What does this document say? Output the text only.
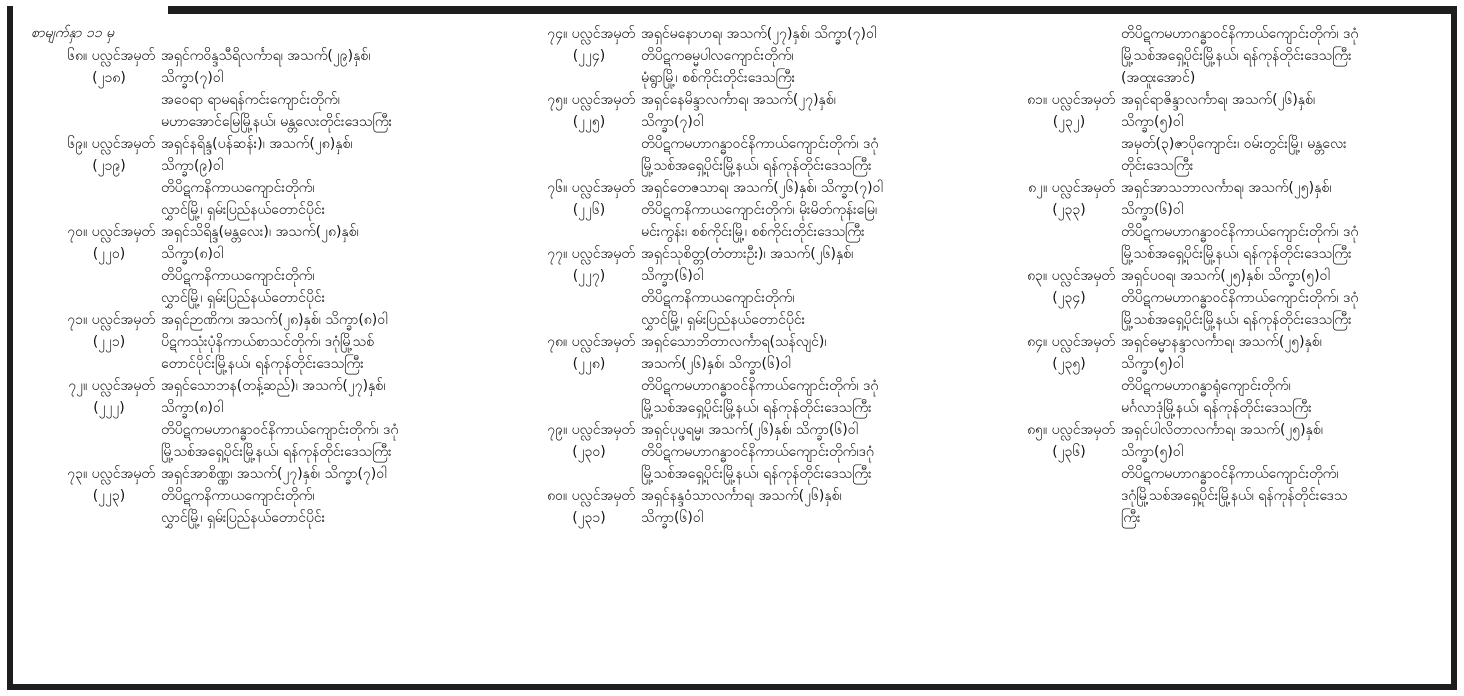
စာမျက်နှာ ၁၁ မှ
၆၈။ ပလ္လင်အမှတ်
(၂၁၈)
အရှင်ကဝိန္ဒသီရိလင်္ကာရ၊ အသက်(၂၉)နှစ်၊
သိက္ခာ(၇)ဝါ
အဝေရာ ရာမရန်ကင်းကျောင်းတိုက်၊
မဟာအောင်မြေမြို့နယ်၊ မန္တလေးတိုင်းဒေသကြီး
၆၉။ ပလ္လင်အမှတ်
(၂၁၉)
အရှင်နရိန္ဒ(ပန်ဆန်း)၊ အသက်(၂၈)နှစ်၊
သိက္ခာ(၉)ဝါ
တိပိဋကနိကာယကျောင်းတိုက်၊
လွှာင်မြို့၊ ရှမ်းပြည်နယ်တောင်ပိုင်း
၇၀။ ပလ္လင်အမှတ်
(၂၂၀)
အရှင်သိရိန္ဒ(မန္တလေး)၊ အသက်(၂၈)နှစ်၊
သိက္ခာ(၈)ဝါ
တိပိဋကနိကာယကျောင်းတိုက်၊
လွှာင်မြို့၊ ရှမ်းပြည်နယ်တောင်ပိုင်း
၇၁။ ပလ္လင်အမှတ်
(၂၂၁)
အရှင်ဉာဏိက၊ အသက်(၂၈)နှစ်၊ သိက္ခာ(၈)ဝါ
ပိဋကသုံးပုံနိကာယ်စာသင်တိုက်၊ ဒဂုံမြို့သစ်
တောင်ပိုင်းမြို့နယ်၊ ရန်ကုန်တိုင်းဒေသကြီး
၇၂။ ပလ္လင်အမှတ်
(၂၂၂)
အရှင်သောဘန(တန့်ဆည်)၊ အသက်(၂၇)နှစ်၊
သိက္ခာ(၈)ဝါ
တိပိဋကမဟာဂန္ဓာဝင်နိကာယ်ကျောင်းတိုက်၊ ဒဂုံ
မြို့သစ်အရှေ့ပိုင်းမြို့နယ်၊ ရန်ကုန်တိုင်းဒေသကြီး
၇၃။ ပလ္လင်အမှတ်
(၂၂၃)
အရှင်အာစိဏ္ဏ၊ အသက်(၂၇)နှစ်၊ သိက္ခာ(၇)ဝါ
တိပိဋကနိကာယကျောင်းတိုက်၊
လွှာင်မြို့၊ ရှမ်းပြည်နယ်တောင်ပိုင်း
၇၄။ ပလ္လင်အမှတ်
(၂၂၄)
အရှင်မနောဟရ၊ အသက်(၂၇)နှစ်၊ သိက္ခာ(၇)ဝါ
တိပိဋကဓမ္မပါလကျောင်းတိုက်၊
မုံရွာမြို့၊ စစ်ကိုင်းတိုင်းဒေသကြီး
၇၅။ ပလ္လင်အမှတ်
(၂၂၅)
အရှင်နေမိန္ဒာလင်္ကာရ၊ အသက်(၂၇)နှစ်၊
သိက္ခာ(၇)ဝါ
တိပိဋကမဟာဂန္ဓာဝင်နိကာယ်ကျောင်းတိုက်၊ ဒဂုံ
မြို့သစ်အရှေ့ပိုင်းမြို့နယ်၊ ရန်ကုန်တိုင်းဒေသကြီး
၇၆။ ပလ္လင်အမှတ်
(၂၂၆)
အရှင်တေဇသာရ၊ အသက်(၂၆)နှစ်၊ သိက္ခာ(၇)ဝါ
တိပိဋကနိကာယကျောင်းတိုက်၊ မိုးမိတ်ကုန်းမြေ၊
မင်းကွန်း၊ စစ်ကိုင်းမြို့၊ စစ်ကိုင်းတိုင်းဒေသကြီး
၇၇။ ပလ္လင်အမှတ်
(၂၂၇)
အရှင်သုစိတ္တ(တံတားဦး)၊ အသက်(၂၆)နှစ်၊
သိက္ခာ(၆)ဝါ
တိပိဋကနိကာယကျောင်းတိုက်၊
လွှာင်မြို့၊ ရှမ်းပြည်နယ်တောင်ပိုင်း
၇၈။ ပလ္လင်အမှတ်
(၂၂၈)
အရှင်သောဘိတာလင်္ကာရ(သန်လျင်)၊
အသက်(၂၆)နှစ်၊ သိက္ခာ(၆)ဝါ
တိပိဋကမဟာဂန္ဓာဝင်နိကာယ်ကျောင်းတိုက်၊ ဒဂုံ
မြို့သစ်အရှေ့ပိုင်းမြို့နယ်၊ ရန်ကုန်တိုင်းဒေသကြီး
၇၉။ ပလ္လင်အမှတ်
(၂၃၀)
အရှင်ပုပ္ဖရမ္မ၊ အသက်(၂၆)နှစ်၊ သိက္ခာ(၆)ဝါ
တိပိဋကမဟာဂန္ဓာဝင်နိကာယ်ကျောင်းတိုက်၊ဒဂုံ
မြို့သစ်အရှေ့ပိုင်းမြို့နယ်၊ ရန်ကုန်တိုင်းဒေသကြီး
၈၀။ ပလ္လင်အမှတ်
(၂၃၁)
အရှင်နန္ဒဝံသာလင်္ကာရ၊ အသက်(၂၆)နှစ်၊
သိက္ခာ(၆)ဝါ
တိပိဋကမဟာဂန္ဓာဝင်နိကာယ်ကျောင်းတိုက်၊ ဒဂုံ
မြို့သစ်အရှေ့ပိုင်းမြို့နယ်၊ ရန်ကုန်တိုင်းဒေသကြီး
(အထူးအောင်)
၈၁။ ပလ္လင်အမှတ်
(၂၃၂)
အရှင်ရာဇိန္ဒာလင်္ကာရ၊ အသက်(၂၆)နှစ်၊
သိက္ခာ(၅)ဝါ
အမှတ်(၃)ဇာပိုကျောင်း၊ ဝမ်းတွင်းမြို့၊ မန္တလေး
တိုင်းဒေသကြီး
၈၂။ ပလ္လင်အမှတ်
(၂၃၃)
အရှင်အာသဘာလင်္ကာရ၊ အသက်(၂၅)နှစ်၊
သိက္ခာ(၆)ဝါ
တိပိဋကမဟာဂန္ဓာဝင်နိကာယ်ကျောင်းတိုက်၊ ဒဂုံ
မြို့သစ်အရှေ့ပိုင်းမြို့နယ်၊ ရန်ကုန်တိုင်းဒေသကြီး
၈၃။ ပလ္လင်အမှတ်
(၂၃၄)
အရှင်ပဝရ၊ အသက်(၂၅)နှစ်၊ သိက္ခာ(၅)ဝါ
တိပိဋကမဟာဂန္ဓာဝင်နိကာယ်ကျောင်းတိုက်၊ ဒဂုံ
မြို့သစ်အရှေ့ပိုင်းမြို့နယ်၊ ရန်ကုန်တိုင်းဒေသကြီး
၈၄။ ပလ္လင်အမှတ်
(၂၃၅)
အရှင်ဓမ္မာနန္ဒာလင်္ကာရ၊ အသက်(၂၅)နှစ်၊
သိက္ခာ(၅)ဝါ
တိပိဋကမဟာဂန္ဓာရုံကျောင်းတိုက်၊
မင်္ဂလာဒုံမြို့နယ်၊ ရန်ကုန်တိုင်းဒေသကြီး
၈၅။ ပလ္လင်အမှတ်
(၂၃၆)
အရှင်ပါလိတာလင်္ကာရ၊ အသက်(၂၅)နှစ်၊
သိက္ခာ(၅)ဝါ
တိပိဋကမဟာဂန္ဓာဝင်နိကာယ်ကျောင်းတိုက်၊
ဒဂုံမြို့သစ်အရှေ့ပိုင်းမြို့နယ်၊ ရန်ကုန်တိုင်းဒေသ
ကြီး
